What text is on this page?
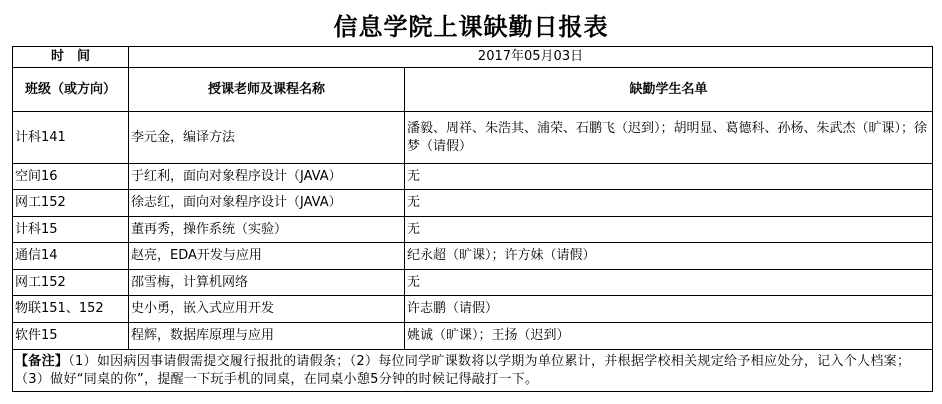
信息学院上课缺勤日报表
时　间	2017年05月03日	
班级（或方向）	授课老师及课程名称	缺勤学生名单
计科141	李元金，编译方法	潘毅、周祥、朱浩其、浦荣、石鹏飞（迟到）；胡明显、葛德科、孙杨、朱武杰（旷课）；徐梦（请假）
空间16	于红利，面向对象程序设计（JAVA）	无
网工152	徐志红，面向对象程序设计（JAVA）	无
计科15	董再秀，操作系统（实验）	无
通信14	赵亮，EDA开发与应用	纪永超（旷课）；许方妹（请假）
网工152	邵雪梅，计算机网络	无
物联151、152	史小勇，嵌入式应用开发	许志鹏（请假）
软件15	程辉，数据库原理与应用	姚诚（旷课）；王扬（迟到）
【备注】（1）如因病因事请假需提交履行报批的请假条；（2）每位同学旷课数将以学期为单位累计，并根据学校相关规定给予相应处分，记入个人档案；（3）做好“同桌的你”，提醒一下玩手机的同桌，在同桌小憩5分钟的时候记得敲打一下。		
